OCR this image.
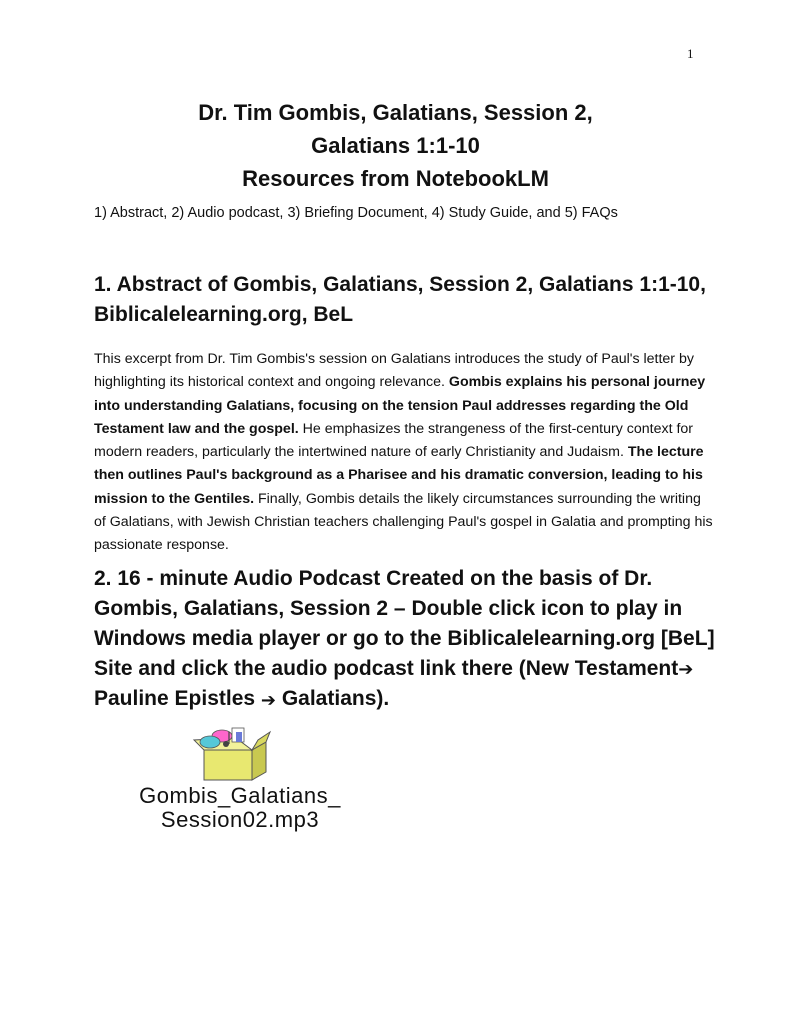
1
Dr. Tim Gombis, Galatians, Session 2,
Galatians 1:1-10
Resources from NotebookLM
1) Abstract, 2) Audio podcast, 3) Briefing Document, 4) Study Guide, and 5) FAQs
1. Abstract of Gombis, Galatians, Session 2, Galatians 1:1-10, Biblicalelearning.org, BeL
This excerpt from Dr. Tim Gombis's session on Galatians introduces the study of Paul's letter by highlighting its historical context and ongoing relevance. Gombis explains his personal journey into understanding Galatians, focusing on the tension Paul addresses regarding the Old Testament law and the gospel. He emphasizes the strangeness of the first-century context for modern readers, particularly the intertwined nature of early Christianity and Judaism. The lecture then outlines Paul's background as a Pharisee and his dramatic conversion, leading to his mission to the Gentiles. Finally, Gombis details the likely circumstances surrounding the writing of Galatians, with Jewish Christian teachers challenging Paul's gospel in Galatia and prompting his passionate response.
2. 16 - minute Audio Podcast Created on the basis of Dr. Gombis, Galatians, Session 2 – Double click icon to play in Windows media player or go to the Biblicalelearning.org [BeL] Site and click the audio podcast link there (New Testament➔ Pauline Epistles ➔ Galatians).
Gombis_Galatians_
Session02.mp3
